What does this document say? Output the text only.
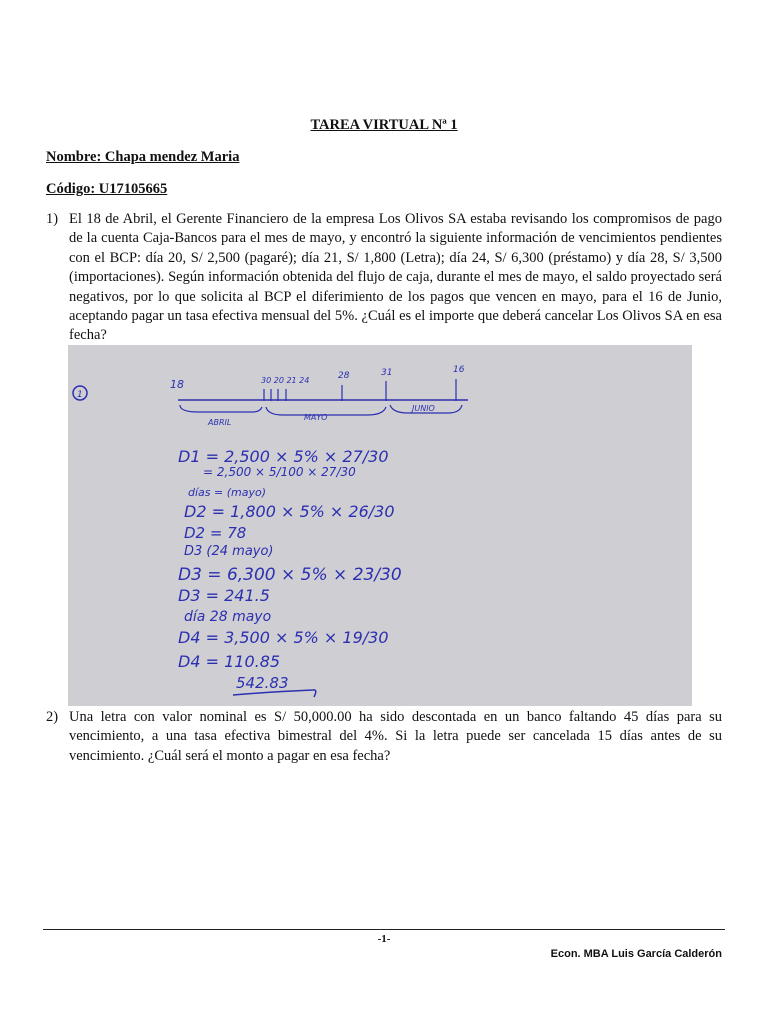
TAREA VIRTUAL Nª 1
Nombre: Chapa mendez Maria
Código: U17105665
1) El 18 de Abril, el Gerente Financiero de la empresa Los Olivos SA estaba revisando los compromisos de pago de la cuenta Caja-Bancos para el mes de mayo, y encontró la siguiente información de vencimientos pendientes con el BCP: día 20, S/ 2,500 (pagaré); día 21, S/ 1,800 (Letra); día 24, S/ 6,300 (préstamo) y día 28, S/ 3,500 (importaciones). Según información obtenida del flujo de caja, durante el mes de mayo, el saldo proyectado será negativos, por lo que solicita al BCP el diferimiento de los pagos que vencen en mayo, para el 16 de Junio, aceptando pagar un tasa efectiva mensual del 5%. ¿Cuál es el importe que deberá cancelar Los Olivos SA en esa fecha?
1
18	30 20 21 24	28	31	16
ABRIL
MAYO
JUNIO
D1 = 2,500 × 5% × 27/30
= 2,500 × 5/100 × 27/30
días = (mayo)
D2 = 1,800 × 5% × 26/30
D2 = 78
D3 (24 mayo)
D3 = 6,300 × 5% × 23/30
D3 = 241.5
día 28 mayo
D4 = 3,500 × 5% × 19/30
D4 = 110.85
542.83
2) Una letra con valor nominal es S/ 50,000.00 ha sido descontada en un banco faltando 45 días para su vencimiento, a una tasa efectiva bimestral del 4%. Si la letra puede ser cancelada 15 días antes de su vencimiento. ¿Cuál será el monto a pagar en esa fecha?
-1-
Econ. MBA Luis García Calderón
